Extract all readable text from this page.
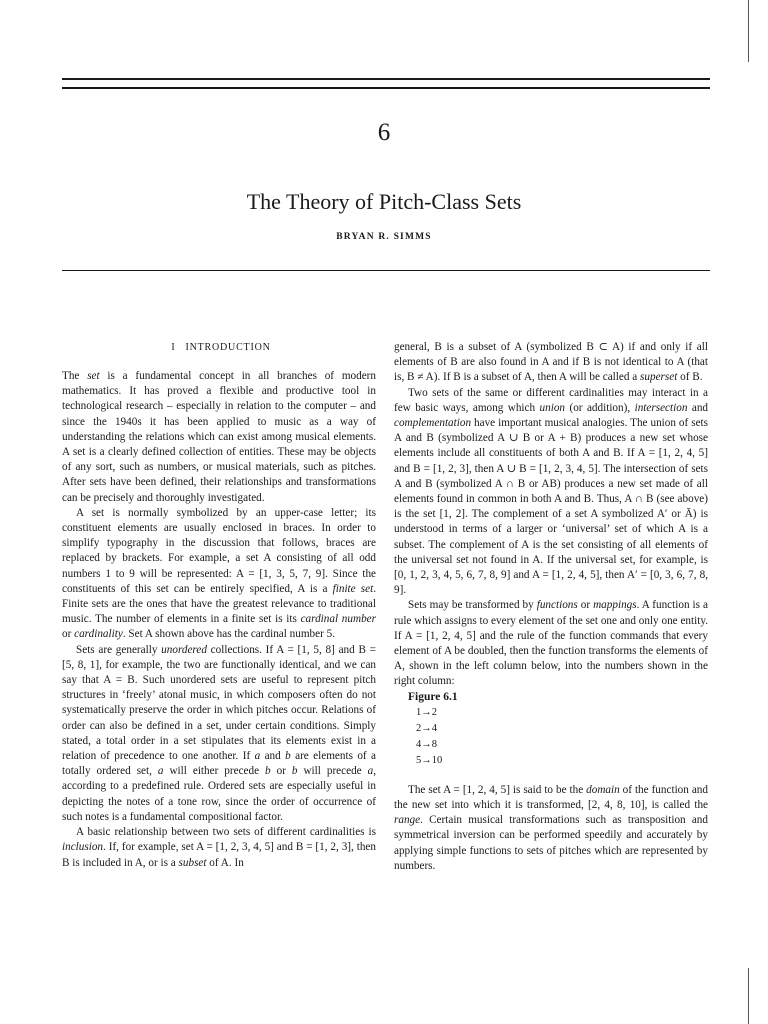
6
The Theory of Pitch-Class Sets
BRYAN R. SIMMS

I INTRODUCTION

The set is a fundamental concept in all branches of modern mathematics. It has proved a flexible and productive tool in technological research – especially in relation to the computer – and since the 1940s it has been applied to music as a way of understanding the relations which can exist among musical elements. A set is a clearly defined collection of entities. These may be objects of any sort, such as numbers, or musical materials, such as pitches. After sets have been defined, their relationships and transformations can be precisely and thoroughly investigated.

A set is normally symbolized by an upper-case letter; its constituent elements are usually enclosed in braces. In order to simplify typography in the discussion that follows, braces are replaced by brackets. For example, a set A consisting of all odd numbers 1 to 9 will be represented: A = [1, 3, 5, 7, 9]. Since the constituents of this set can be entirely specified, A is a finite set. Finite sets are the ones that have the greatest relevance to traditional music. The number of elements in a finite set is its cardinal number or cardinality. Set A shown above has the cardinal number 5.

Sets are generally unordered collections. If A = [1, 5, 8] and B = [5, 8, 1], for example, the two are functionally identical, and we can say that A = B. Such unordered sets are useful to represent pitch structures in ‘freely’ atonal music, in which composers often do not systematically preserve the order in which pitches occur. Relations of order can also be defined in a set, under certain conditions. Simply stated, a total order in a set stipulates that its elements exist in a relation of precedence to one another. If a and b are elements of a totally ordered set, a will either precede b or b will precede a, according to a predefined rule. Ordered sets are especially useful in depicting the notes of a tone row, since the order of occurrence of such notes is a fundamental compositional factor.

A basic relationship between two sets of different cardinalities is inclusion. If, for example, set A = [1, 2, 3, 4, 5] and B = [1, 2, 3], then B is included in A, or is a subset of A. In

general, B is a subset of A (symbolized B ⊂ A) if and only if all elements of B are also found in A and if B is not identical to A (that is, B ≠ A). If B is a subset of A, then A will be called a superset of B.

Two sets of the same or different cardinalities may interact in a few basic ways, among which union (or addition), intersection and complementation have important musical analogies. The union of sets A and B (symbolized A ∪ B or A + B) produces a new set whose elements include all constituents of both A and B. If A = [1, 2, 4, 5] and B = [1, 2, 3], then A ∪ B = [1, 2, 3, 4, 5]. The intersection of sets A and B (symbolized A ∩ B or AB) produces a new set made of all elements found in common in both A and B. Thus, A ∩ B (see above) is the set [1, 2]. The complement of a set A symbolized A′ or Ā) is understood in terms of a larger or ‘universal’ set of which A is a subset. The complement of A is the set consisting of all elements of the universal set not found in A. If the universal set, for example, is [0, 1, 2, 3, 4, 5, 6, 7, 8, 9] and A = [1, 2, 4, 5], then A′ = [0, 3, 6, 7, 8, 9].

Sets may be transformed by functions or mappings. A function is a rule which assigns to every element of the set one and only one entity. If A = [1, 2, 4, 5] and the rule of the function commands that every element of A be doubled, then the function transforms the elements of A, shown in the left column below, into the numbers shown in the right column:

Figure 6.1

1→2
2→4
4→8
5→10

The set A = [1, 2, 4, 5] is said to be the domain of the function and the new set into which it is transformed, [2, 4, 8, 10], is called the range. Certain musical transformations such as transposition and symmetrical inversion can be performed speedily and accurately by applying simple functions to sets of pitches which are represented by numbers.
